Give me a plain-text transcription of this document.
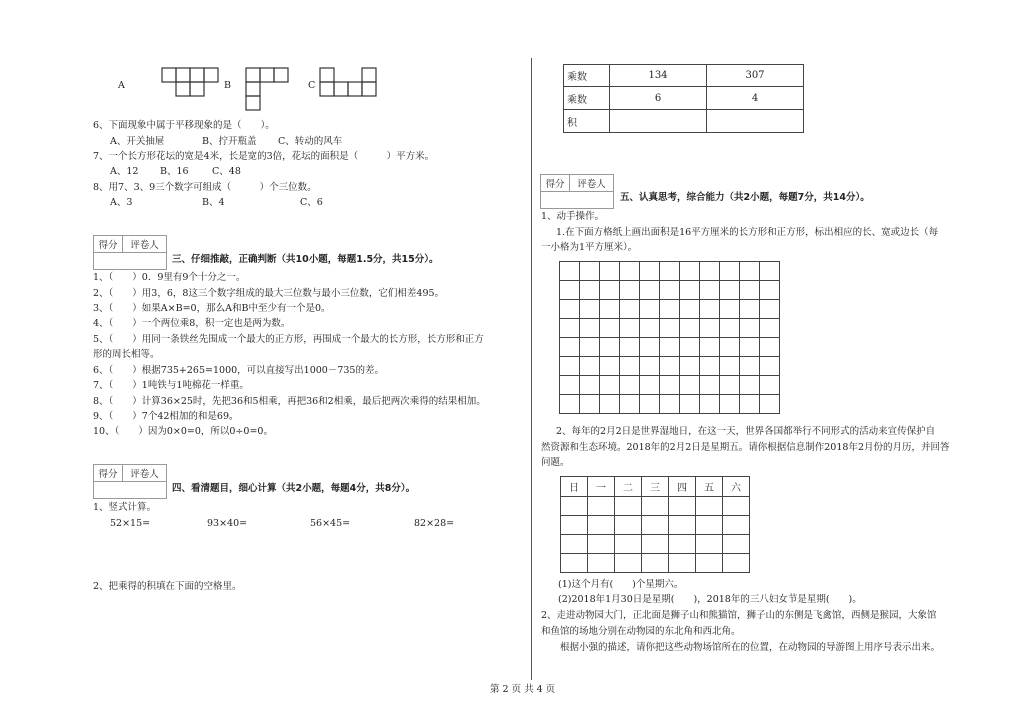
A	B	C
6、下面现象中属于平移现象的是（　　）。
A、开关抽屉	B、拧开瓶盖 C、转动的风车
7、一个长方形花坛的宽是4米，长是宽的3倍，花坛的面积是（　　　）平方米。
A、12 B、16 C、48
8、用7、3、9三个数字可组成（　　　）个三位数。
A、3	B、4	C、6
得分	评卷人
三、仔细推敲，正确判断（共10小题，每题1.5分，共15分）。
1、（　　）0．9里有9个十分之一。
2、（　　）用3，6，8这三个数字组成的最大三位数与最小三位数，它们相差495。
3、（　　）如果A×B=0，那么A和B中至少有一个是0。
4、（　　）一个两位乘8，积一定也是两为数。
5、（　　）用同一条铁丝先围成一个最大的正方形，再围成一个最大的长方形，长方形和正方
形的周长相等。
6、（　　）根据735+265=1000，可以直接写出1000－735的差。
7、（　　）1吨铁与1吨棉花一样重。
8、（　　）计算36×25时，先把36和5相乘，再把36和2相乘，最后把两次乘得的结果相加。
9、（　　）7个42相加的和是69。
10、（　　）因为0×0=0，所以0÷0=0。
得分	评卷人
四、看清题目，细心计算（共2小题，每题4分，共8分）。
1、竖式计算。
52×15=	93×40=	56×45=	82×28=
2、把乘得的积填在下面的空格里。
乘数	134	307
乘数	6	4
积		
得分	评卷人
五、认真思考，综合能力（共2小题，每题7分，共14分）。
1、动手操作。
1.在下面方格纸上画出面积是16平方厘米的长方形和正方形，标出相应的长、宽或边长（每
一小格为1平方厘米）。

2、每年的2月2日是世界湿地日，在这一天，世界各国都举行不同形式的活动来宣传保护自
然资源和生态环境。2018年的2月2日是星期五。请你根据信息制作2018年2月份的月历，并回答
问题。
日	一	二	三	四	五	六

(1)这个月有(　　)个星期六。
(2)2018年1月30日是星期(　　)，2018年的三八妇女节是星期(　　)。
2、走进动物园大门，正北面是狮子山和熊猫馆，狮子山的东侧是飞禽馆，西侧是猴园，大象馆
和鱼馆的场地分别在动物园的东北角和西北角。
　　根据小强的描述，请你把这些动物场馆所在的位置，在动物园的导游图上用序号表示出来。
第 2 页 共 4 页
